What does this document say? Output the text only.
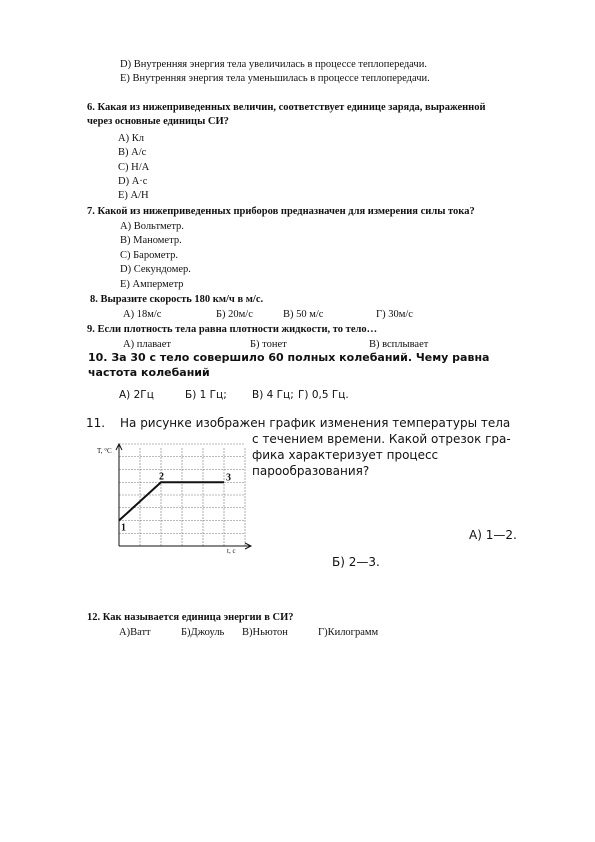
D) Внутренняя энергия тела увеличилась в процессе теплопередачи.
E) Внутренняя энергия тела уменьшилась в процессе теплопередачи.
6. Какая из нижеприведенных величин, соответствует единице заряда, выраженной
через основные единицы СИ?
A) Кл
B) А/с
C) Н/А
D) А·с
E) А/Н
7. Какой из нижеприведенных приборов предназначен для измерения силы тока?
A) Вольтметр.
B) Манометр.
C) Барометр.
D) Секундомер.
E) Амперметр
8. Выразите скорость 180 км/ч в м/с.
A) 18м/с	Б) 20м/с	В) 50 м/с	Г) 30м/с
9. Если плотность тела равна плотности жидкости, то тело…
A) плавает	Б) тонет	В) всплывает
10. За 30 с тело совершило 60 полных колебаний. Чему равна
частота колебаний
A) 2Гц	Б) 1 Гц; В) 4 Гц; Г) 0,5 Гц.
11. На рисунке изображен график изменения температуры тела
с течением времени. Какой отрезок гра-
фика характеризует процесс
парообразования?
T, °C
t, c
1
2	3
А) 1—2.
Б) 2—3.
12. Как называется единица энергии в СИ?
А)Ватт	Б)Джоуль В)Ньютон	Г)Килограмм
